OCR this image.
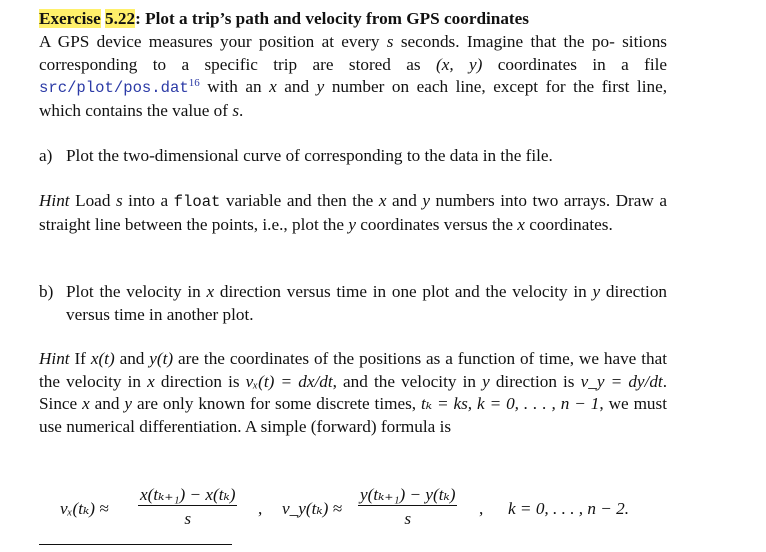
Exercise 5.22: Plot a trip’s path and velocity from GPS coordinates
A GPS device measures your position at every s seconds. Imagine that the po- sitions corresponding to a specific trip are stored as (x, y) coordinates in a file src/plot/pos.dat$^{16}$ with an x and y number on each line, except for the first line, which contains the value of s.
a) Plot the two-dimensional curve of corresponding to the data in the file.
Hint Load s into a float variable and then the x and y numbers into two arrays. Draw a straight line between the points, i.e., plot the y coordinates versus the x coordinates.
b) Plot the velocity in x direction versus time in one plot and the velocity in y direction versus time in another plot.
Hint If x(t) and y(t) are the coordinates of the positions as a function of time, we have that the velocity in x direction is vₓ(t) = dx/dt, and the velocity in y direction is v_y = dy/dt. Since x and y are only known for some discrete times, tₖ = ks, k = 0, . . . , n − 1, we must use numerical differentiation. A simple (forward) formula is
$v_x(t_k) \approx \frac{\text{x(tₖ₊₁) − x(tₖ)}}{s}$ , v_y(tₖ) ≈ $\frac{\text{y(tₖ₊₁) − y(tₖ)}}{s}$ , k = 0, . . . , n − 2.
